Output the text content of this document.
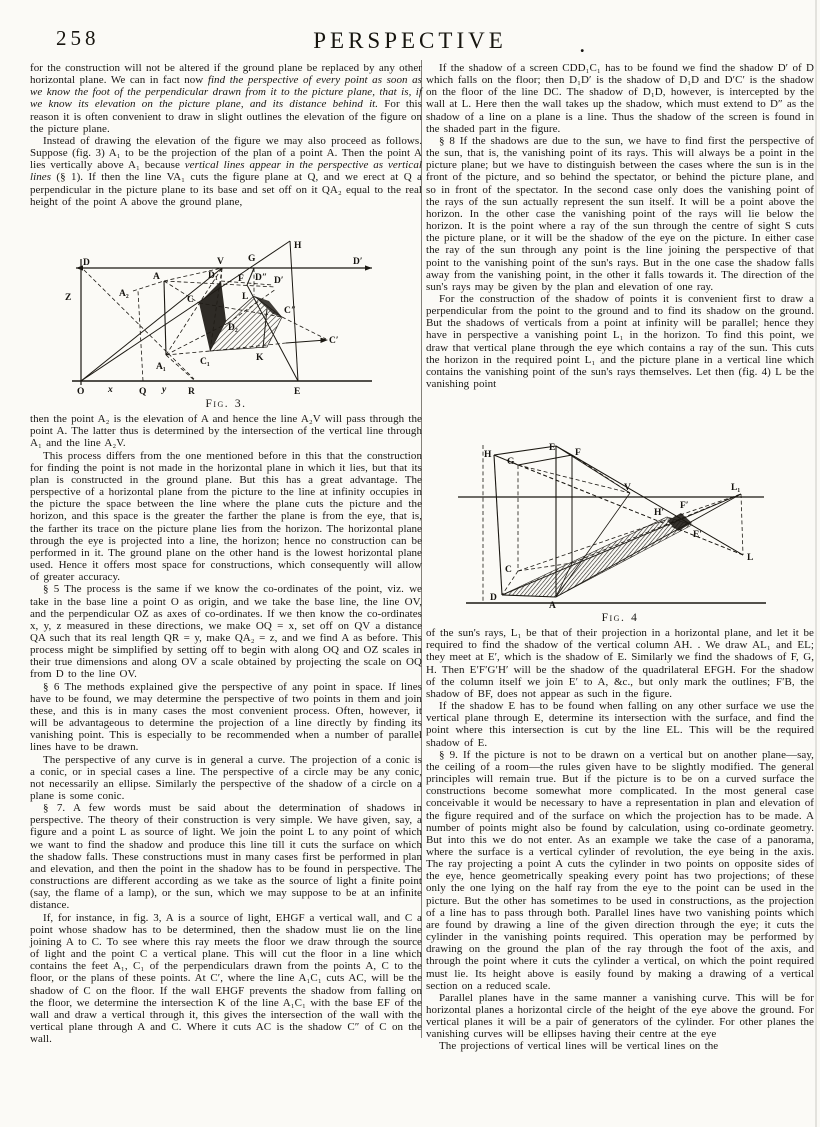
258	PERSPECTIVE	.

for the construction will not be altered if the ground plane be replaced by any other horizontal plane. We can in fact now find the perspective of every point as soon as we know the foot of the perpendicular drawn from it to the picture plane, that is, if we know its elevation on the picture plane, and its distance behind it. For this reason it is often convenient to draw in slight outlines the elevation of the figure on the picture plane.

Instead of drawing the elevation of the figure we may also proceed as follows. Suppose (fig. 3) A₁ to be the projection of the plan of a point A. Then the point A lies vertically above A₁ because vertical lines appear in the perspective as vertical lines (§ 1). If then the line VA₁ cuts the figure plane at Q, and we erect at Q a perpendicular in the picture plane to its base and set off on it QA₂ equal to the real height of the point A above the ground plane,

H
D	V	G	D′
Z
A
A₂
A₁
D₁
D₂
C
C₁
F D″ D′
L
C″
C′
K
O x	Q y R	E

Fig. 3.

then the point A₂ is the elevation of A and hence the line A₂V will pass through the point A. The latter thus is determined by the intersection of the vertical line through A₁ and the line A₂V.

This process differs from the one mentioned before in this that the construction for finding the point is not made in the horizontal plane in which it lies, but that its plan is constructed in the ground plane. But this has a great advantage. The perspective of a horizontal plane from the picture to the line at infinity occupies in the picture the space between the line where the plane cuts the picture and the horizon, and this space is the greater the farther the plane is from the eye, that is, the farther its trace on the picture plane lies from the horizon. The horizontal plane through the eye is projected into a line, the horizon; hence no construction can be performed in it. The ground plane on the other hand is the lowest horizontal plane used. Hence it offers most space for constructions, which consequently will allow of greater accuracy.

§ 5 The process is the same if we know the co-ordinates of the point, viz. we take in the base line a point O as origin, and we take the base line, the line OV, and the perpendicular OZ as axes of co-ordinates. If we then know the co-ordinates x, y, z measured in these directions, we make OQ = x, set off on QV a distance QA such that its real length QR = y, make QA₂ = z, and we find A as before. This process might be simplified by setting off to begin with along OQ and OZ scales in their true dimensions and along OV a scale obtained by projecting the scale on OQ from D to the line OV.

§ 6 The methods explained give the perspective of any point in space. If lines have to be found, we may determine the perspective of two points in them and join these, and this is in many cases the most convenient process. Often, however, it will be advantageous to determine the projection of a line directly by finding its vanishing point. This is especially to be recommended when a number of parallel lines have to be drawn.

The perspective of any curve is in general a curve. The projection of a conic is a conic, or in special cases a line. The perspective of a circle may be any conic, not necessarily an ellipse. Similarly the perspective of the shadow of a circle on a plane is some conic.

§ 7. A few words must be said about the determination of shadows in perspective. The theory of their construction is very simple. We have given, say, a figure and a point L as source of light. We join the point L to any point of which we want to find the shadow and produce this line till it cuts the surface on which the shadow falls. These constructions must in many cases first be performed in plan and elevation, and then the point in the shadow has to be found in perspective. The constructions are different according as we take as the source of light a finite point (say, the flame of a lamp), or the sun, which we may suppose to be at an infinite distance.

If, for instance, in fig. 3, A is a source of light, EHGF a vertical wall, and C a point whose shadow has to be determined, then the shadow must lie on the line joining A to C. To see where this ray meets the floor we draw through the source of light and the point C a vertical plane. This will cut the floor in a line which contains the feet A₁, C₁ of the perpendiculars drawn from the points A, C to the floor, or the plans of these points. At C′, where the line A₁C₁ cuts AC, will be the shadow of C on the floor. If the wall EHGF prevents the shadow from falling on the floor, we determine the intersection K of the line A₁C₁ with the base EF of the wall and draw a vertical through it, this gives the intersection of the wall with the vertical plane through A and C. Where it cuts AC is the shadow C″ of C on the wall.

If the shadow of a screen CDD₁C₁ has to be found we find the shadow D′ of D which falls on the floor; then D₁D′ is the shadow of D₁D and D′C′ is the shadow on the floor of the line DC. The shadow of D₁D, however, is intercepted by the wall at L. Here then the wall takes up the shadow, which must extend to D″ as the shadow of a line on a plane is a line. Thus the shadow of the screen is found in the shaded part in the figure.

§ 8 If the shadows are due to the sun, we have to find first the perspective of the sun, that is, the vanishing point of its rays. This will always be a point in the picture plane; but we have to distinguish between the cases where the sun is in the front of the picture, and so behind the spectator, or behind the picture plane, and so in front of the spectator. In the second case only does the vanishing point of the rays of the sun actually represent the sun itself. It will be a point above the horizon. In the other case the vanishing point of the rays will lie below the horizon. It is the point where a ray of the sun through the centre of sight S cuts the picture plane, or it will be the shadow of the eye on the picture. In either case the ray of the sun through any point is the line joining the perspective of that point to the vanishing point of the sun's rays. But in the one case the shadow falls away from the vanishing point, in the other it falls towards it. The direction of the sun's rays may be given by the plan and elevation of one ray.

For the construction of the shadow of points it is convenient first to draw a perpendicular from the point to the ground and to find its shadow on the ground. But the shadows of verticals from a point at infinity will be parallel; hence they have in perspective a vanishing point L₁ in the horizon. To find this point, we draw that vertical plane through the eye which contains a ray of the sun. This cuts the horizon in the required point L₁ and the picture plane in a vertical line which contains the vanishing point of the sun's rays themselves. Let then (fig. 4) L be the vanishing point

H
E F
G
V	L₁
H′
F′
E′
L
C
D
A

Fig. 4

of the sun's rays, L₁ be that of their projection in a horizontal plane, and let it be required to find the shadow of the vertical column AH. . We draw AL₁ and EL; they meet at E′, which is the shadow of E. Similarly we find the shadows of F, G, H. Then E′F′G′H′ will be the shadow of the quadrilateral EFGH. For the shadow of the column itself we join E′ to A, &c., but only mark the outlines; F′B, the shadow of BF, does not appear as such in the figure.

If the shadow E has to be found when falling on any other surface we use the vertical plane through E, determine its intersection with the surface, and find the point where this intersection is cut by the line EL. This will be the required shadow of E.

§ 9. If the picture is not to be drawn on a vertical but on another plane—say, the ceiling of a room—the rules given have to be slightly modified. The general principles will remain true. But if the picture is to be on a curved surface the constructions become somewhat more complicated. In the most general case conceivable it would be necessary to have a representation in plan and elevation of the figure required and of the surface on which the projection has to be made. A number of points might also be found by calculation, using co-ordinate geometry. But into this we do not enter. As an example we take the case of a panorama, where the surface is a vertical cylinder of revolution, the eye being in the axis. The ray projecting a point A cuts the cylinder in two points on opposite sides of the eye, hence geometrically speaking every point has two projections; of these only the one lying on the half ray from the eye to the point can be used in the picture. But the other has sometimes to be used in constructions, as the projection of a line has to pass through both. Parallel lines have two vanishing points which are found by drawing a line of the given direction through the eye; it cuts the cylinder in the vanishing points required. This operation may be performed by drawing on the ground the plan of the ray through the foot of the axis, and through the point where it cuts the cylinder a vertical, on which the point required must lie. Its height above is easily found by making a drawing of a vertical section on a reduced scale.

Parallel planes have in the same manner a vanishing curve. This will be for horizontal planes a horizontal circle of the height of the eye above the ground. For vertical planes it will be a pair of generators of the cylinder. For other planes the vanishing curves will be ellipses having their centre at the eye

The projections of vertical lines will be vertical lines on the
